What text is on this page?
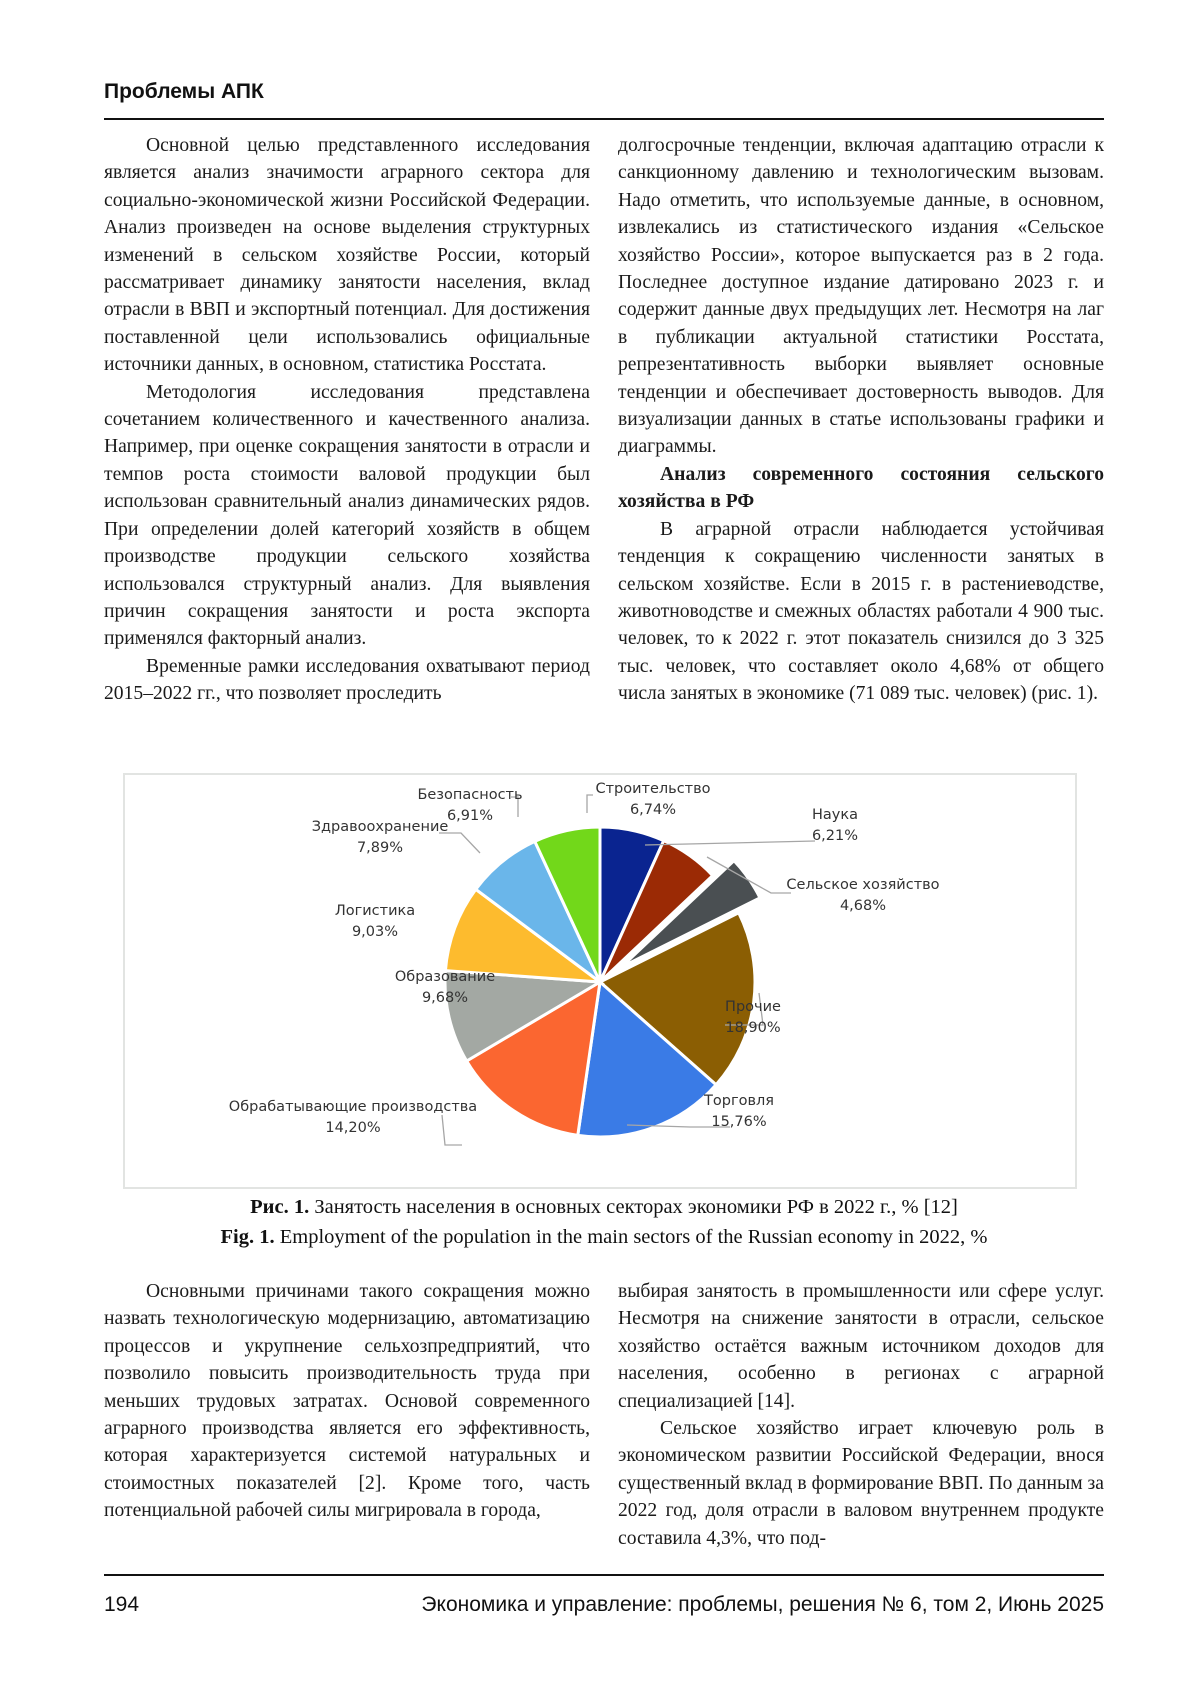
Проблемы АПК

Основной целью представленного исследования является анализ значимости аграрного сектора для социально-экономической жизни Российской Федерации. Анализ произведен на основе выделения структурных изменений в сельском хозяйстве России, который рассматривает динамику занятости населения, вклад отрасли в ВВП и экспортный потенциал. Для достижения поставленной цели использовались официальные источники данных, в основном, статистика Росстата.

Методология исследования представлена сочетанием количественного и качественного анализа. Например, при оценке сокращения занятости в отрасли и темпов роста стоимости валовой продукции был использован сравнительный анализ динамических рядов. При определении долей категорий хозяйств в общем производстве продукции сельского хозяйства использовался структурный анализ. Для выявления причин сокращения занятости и роста экспорта применялся факторный анализ.

Временные рамки исследования охватывают период 2015–2022 гг., что позволяет проследить

долгосрочные тенденции, включая адаптацию отрасли к санкционному давлению и технологическим вызовам. Надо отметить, что используемые данные, в основном, извлекались из статистического издания «Сельское хозяйство России», которое выпускается раз в 2 года. Последнее доступное издание датировано 2023 г. и содержит данные двух предыдущих лет. Несмотря на лаг в публикации актуальной статистики Росстата, репрезентативность выборки выявляет основные тенденции и обеспечивает достоверность выводов. Для визуализации данных в статье использованы графики и диаграммы.

Анализ современного состояния сельского хозяйства в РФ

В аграрной отрасли наблюдается устойчивая тенденция к сокращению численности занятых в сельском хозяйстве. Если в 2015 г. в растениеводстве, животноводстве и смежных областях работали 4 900 тыс. человек, то к 2022 г. этот показатель снизился до 3 325 тыс. человек, что составляет около 4,68% от общего числа занятых в экономике (71 089 тыс. человек) (рис. 1).

Строительство
6,74%	Наука
6,21%
Сельское хозяйство
4,68%
Прочие
18,90%
Торговля
15,76%
Обрабатывающие производства
14,20%
Образование
9,68%
Логистика
9,03%
Здравоохранение
7,89%
Безопасность
6,91%
Рис. 1. Занятость населения в основных секторах экономики РФ в 2022 г., % [12]
Fig. 1. Employment of the population in the main sectors of the Russian economy in 2022, %

Основными причинами такого сокращения можно назвать технологическую модернизацию, автоматизацию процессов и укрупнение сельхозпредприятий, что позволило повысить производительность труда при меньших трудовых затратах. Основой современного аграрного производства является его эффективность, которая характеризуется системой натуральных и стоимостных показателей [2]. Кроме того, часть потенциальной рабочей силы мигрировала в города,

выбирая занятость в промышленности или сфере услуг. Несмотря на снижение занятости в отрасли, сельское хозяйство остаётся важным источником доходов для населения, особенно в регионах с аграрной специализацией [14].

Сельское хозяйство играет ключевую роль в экономическом развитии Российской Федерации, внося существенный вклад в формирование ВВП. По данным за 2022 год, доля отрасли в валовом внутреннем продукте составила 4,3%, что под-

194	Экономика и управление: проблемы, решения № 6, том 2, Июнь 2025
